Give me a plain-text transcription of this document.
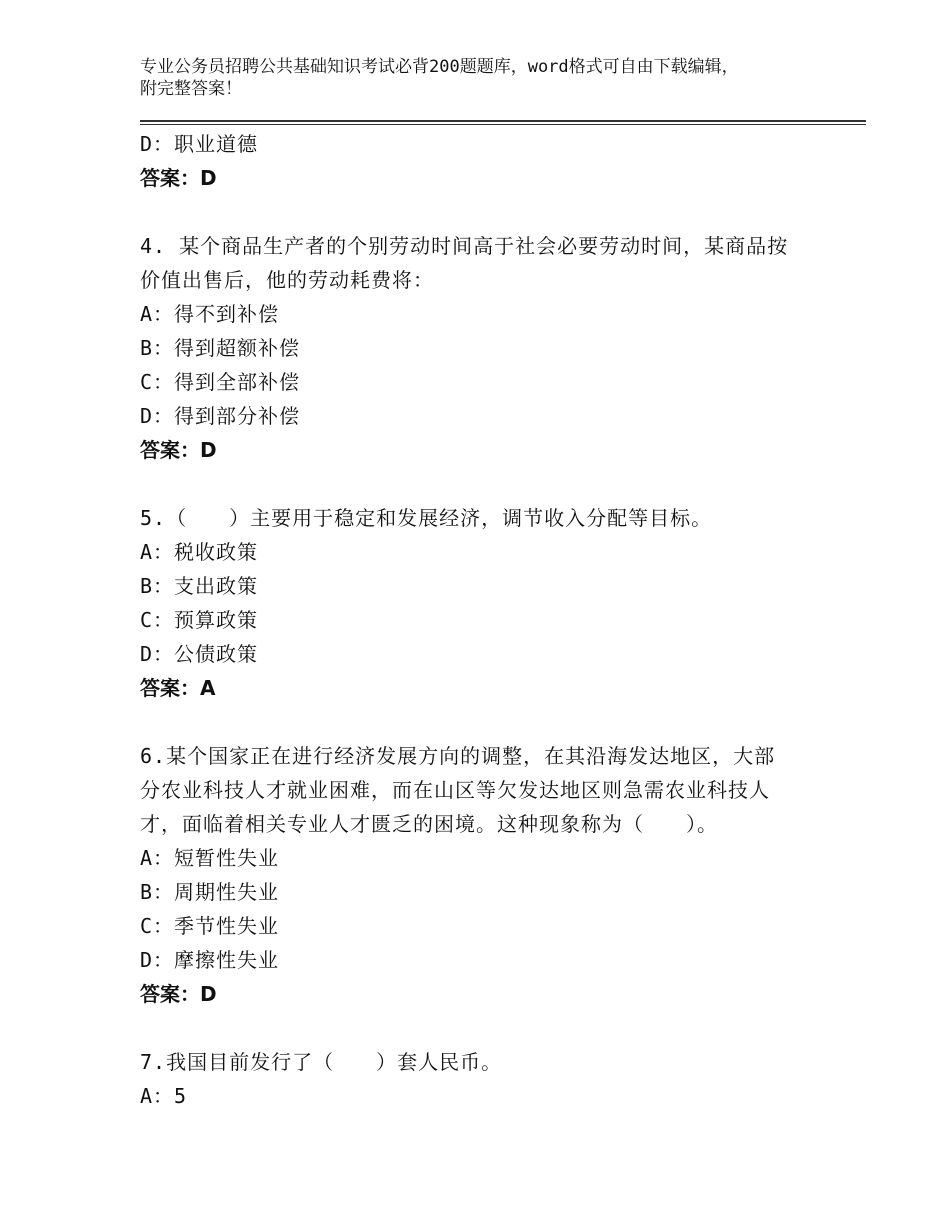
专业公务员招聘公共基础知识考试必背200题题库，word格式可自由下载编辑，
附完整答案！
D：职业道德
答案：D
4. 某个商品生产者的个别劳动时间高于社会必要劳动时间，某商品按
价值出售后，他的劳动耗费将：
A：得不到补偿
B：得到超额补偿
C：得到全部补偿
D：得到部分补偿
答案：D
5.（　　）主要用于稳定和发展经济，调节收入分配等目标。
A：税收政策
B：支出政策
C：预算政策
D：公债政策
答案：A
6.某个国家正在进行经济发展方向的调整，在其沿海发达地区，大部
分农业科技人才就业困难，而在山区等欠发达地区则急需农业科技人
才，面临着相关专业人才匮乏的困境。这种现象称为（　　）。
A：短暂性失业
B：周期性失业
C：季节性失业
D：摩擦性失业
答案：D
7.我国目前发行了（　　）套人民币。
A：5
